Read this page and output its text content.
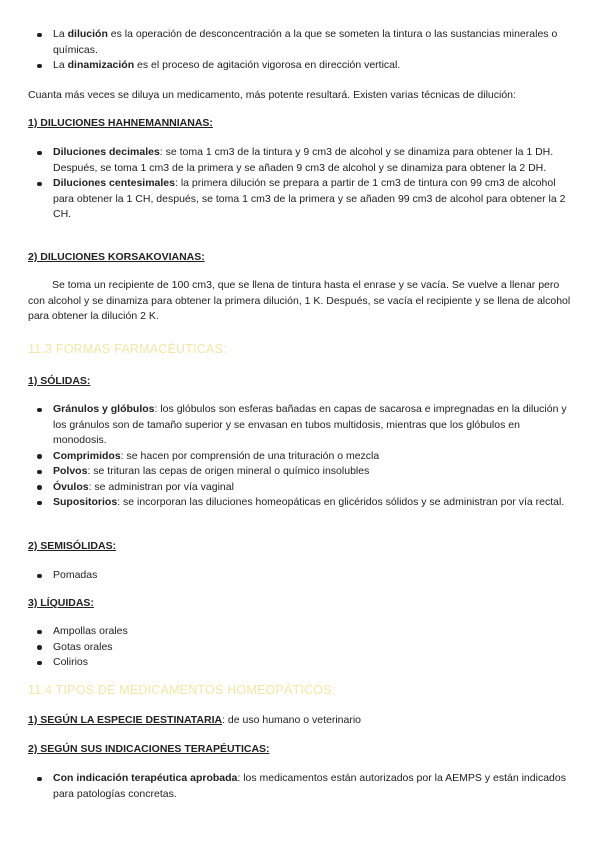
La dilución es la operación de desconcentración a la que se someten la tintura o las sustancias minerales o químicas.
La dinamización es el proceso de agitación vigorosa en dirección vertical.

Cuanta más veces se diluya un medicamento, más potente resultará. Existen varias técnicas de dilución:

1) DILUCIONES HAHNEMANNIANAS:

Diluciones decimales: se toma 1 cm3 de la tintura y 9 cm3 de alcohol y se dinamiza para obtener la 1 DH. Después, se toma 1 cm3 de la primera y se añaden 9 cm3 de alcohol y se dinamiza para obtener la 2 DH.
Diluciones centesimales: la primera dilución se prepara a partir de 1 cm3 de tintura con 99 cm3 de alcohol para obtener la 1 CH, después, se toma 1 cm3 de la primera y se añaden 99 cm3 de alcohol para obtener la 2 CH.

2) DILUCIONES KORSAKOVIANAS:

Se toma un recipiente de 100 cm3, que se llena de tintura hasta el enrase y se vacía. Se vuelve a llenar pero con alcohol y se dinamiza para obtener la primera dilución, 1 K. Después, se vacía el recipiente y se llena de alcohol para obtener la dilución 2 K.

11.3 FORMAS FARMACÉUTICAS:

1) SÓLIDAS:

Gránulos y glóbulos: los glóbulos son esferas bañadas en capas de sacarosa e impregnadas en la dilución y los gránulos son de tamaño superior y se envasan en tubos multidosis, mientras que los glóbulos en monodosis.
Comprimidos: se hacen por comprensión de una trituración o mezcla
Polvos: se trituran las cepas de origen mineral o químico insolubles
Óvulos: se administran por vía vaginal
Supositorios: se incorporan las diluciones homeopáticas en glicéridos sólidos y se administran por vía rectal.

2) SEMISÓLIDAS:

Pomadas

3) LÍQUIDAS:

Ampollas orales
Gotas orales
Colirios

11.4 TIPOS DE MEDICAMENTOS HOMEOPÁTICOS:

1) SEGÚN LA ESPECIE DESTINATARIA: de uso humano o veterinario

2) SEGÚN SUS INDICACIONES TERAPÉUTICAS:

Con indicación terapéutica aprobada: los medicamentos están autorizados por la AEMPS y están indicados para patologías concretas.
